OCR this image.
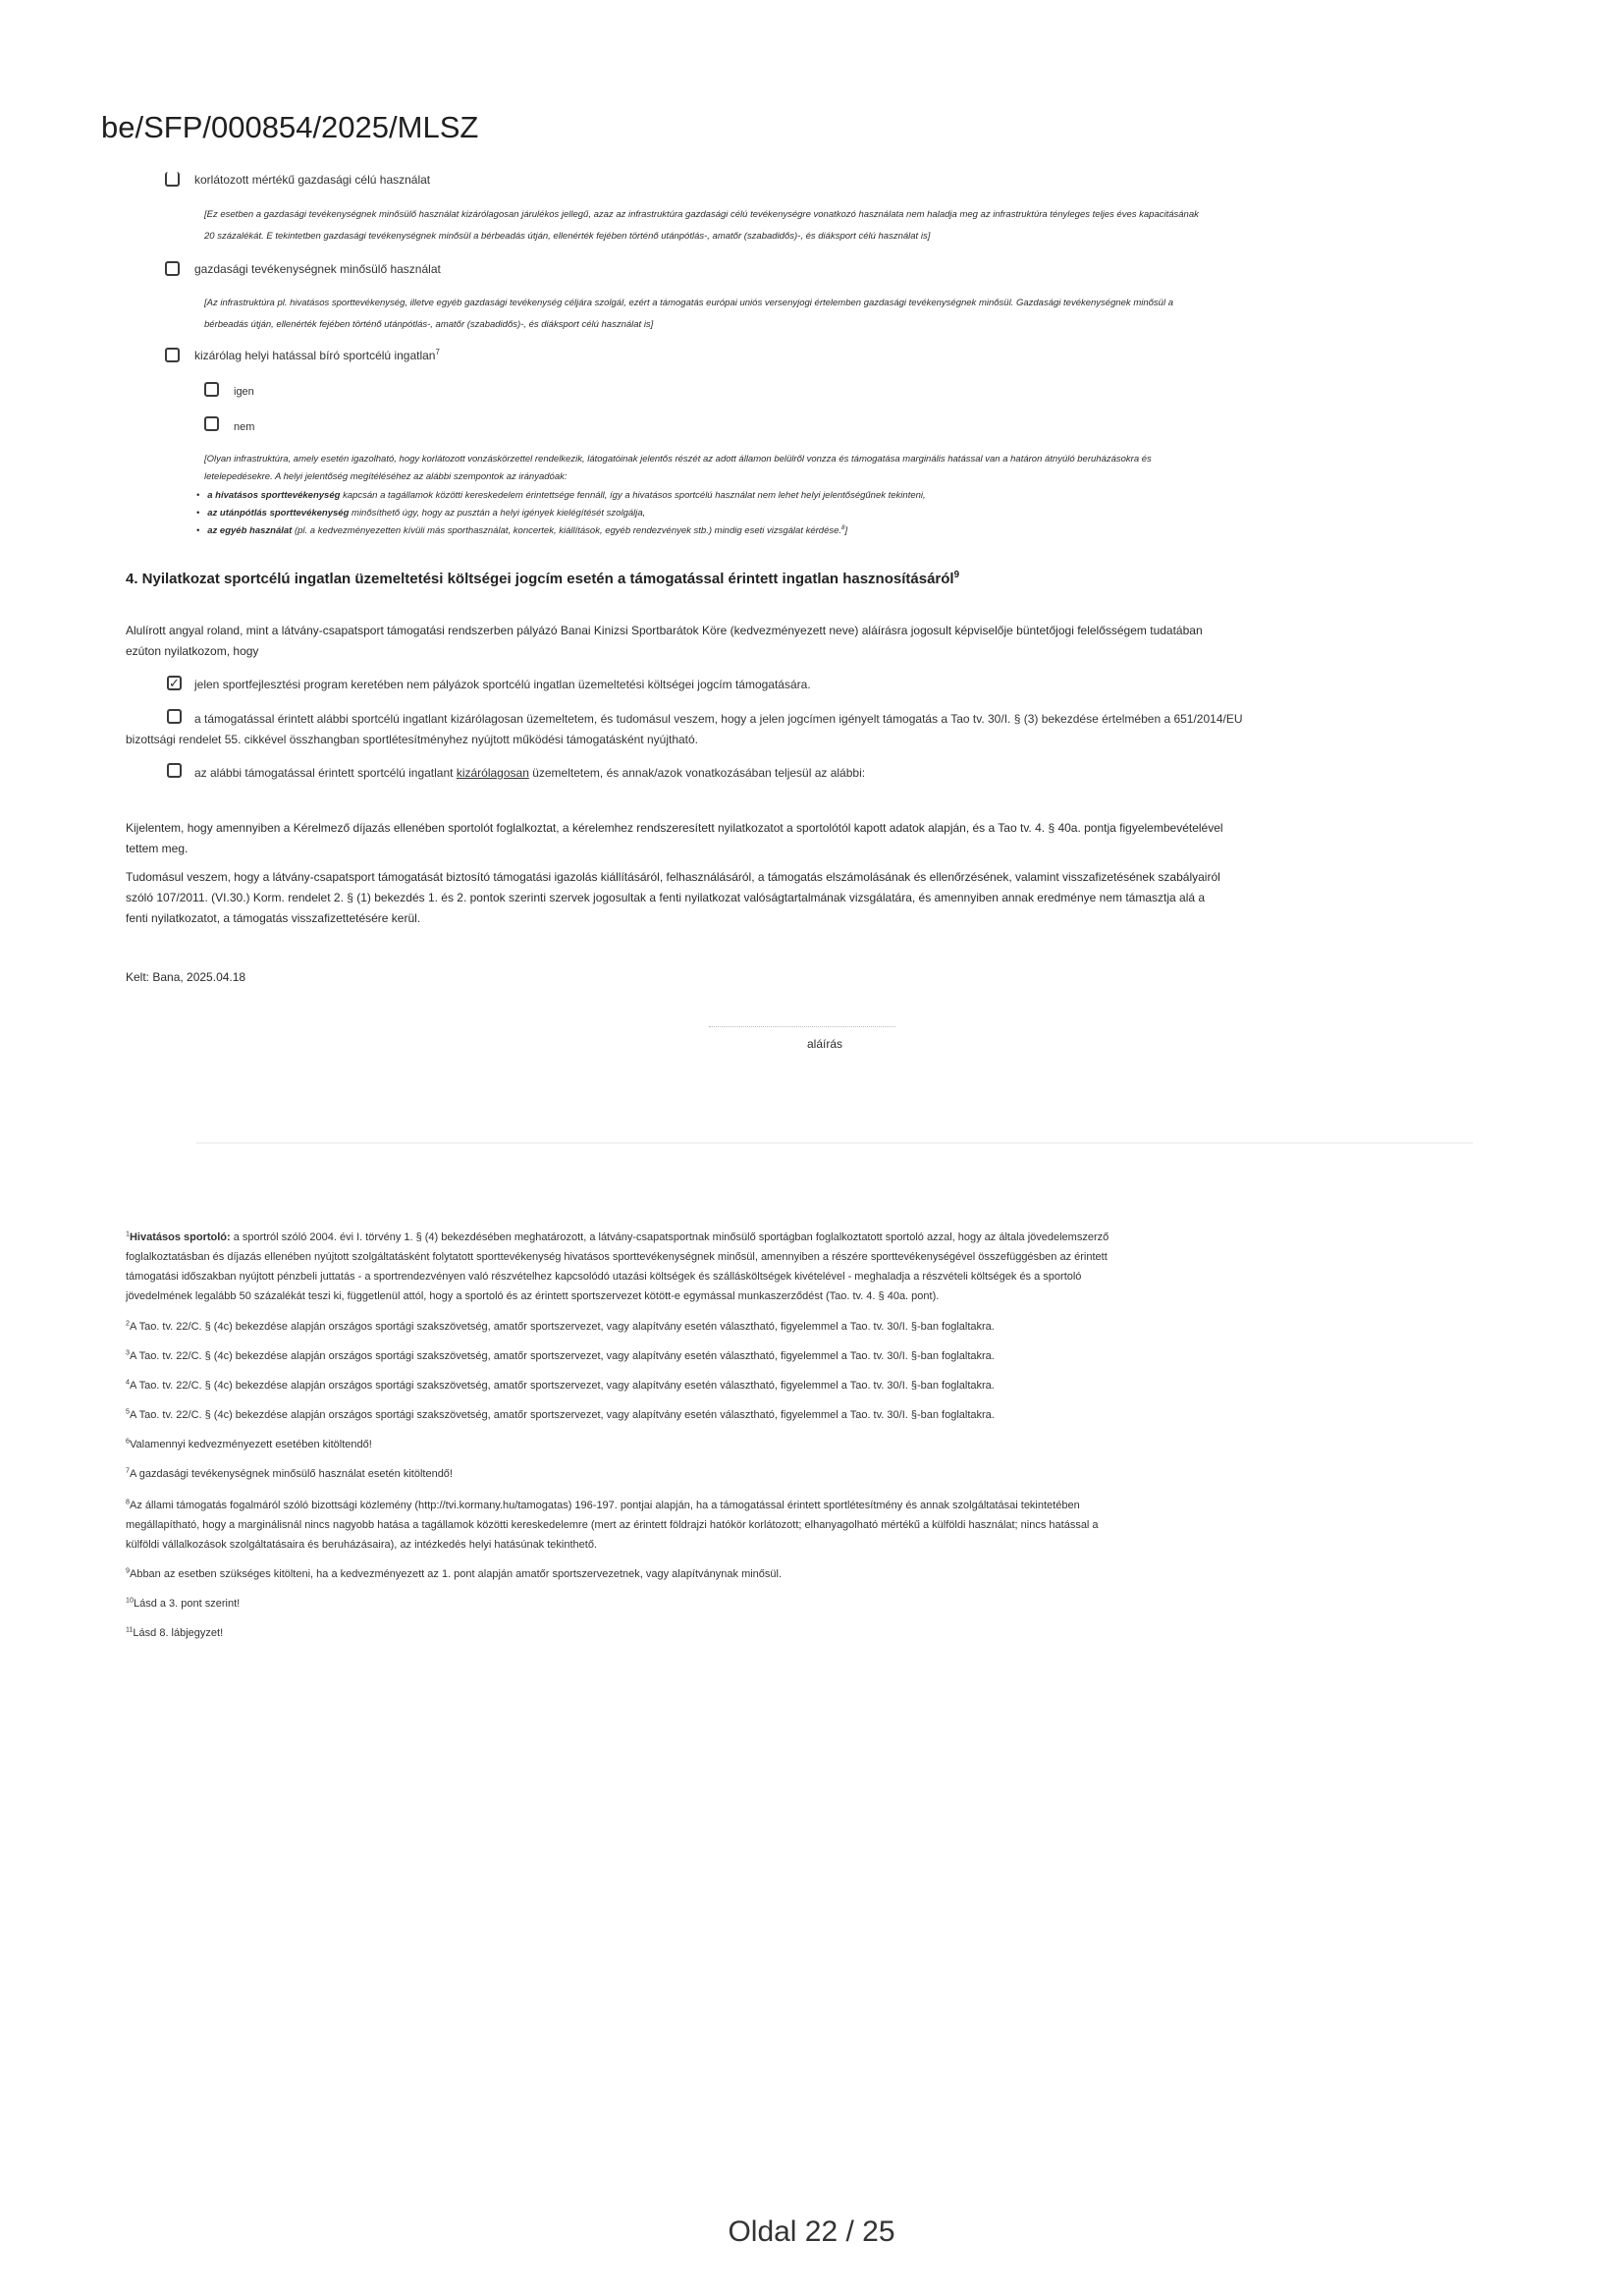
be/SFP/000854/2025/MLSZ
korlátozott mértékű gazdasági célú használat
[Ez esetben a gazdasági tevékenységnek minősülő használat kizárólagosan járulékos jellegű, azaz az infrastruktúra gazdasági célú tevékenységre vonatkozó használata nem haladja meg az infrastruktúra tényleges teljes éves kapacitásának
20 százalékát. E tekintetben gazdasági tevékenységnek minősül a bérbeadás útján, ellenérték fejében történő utánpótlás-, amatőr (szabadidős)-, és diáksport célú használat is]
gazdasági tevékenységnek minősülő használat
[Az infrastruktúra pl. hivatásos sporttevékenység, illetve egyéb gazdasági tevékenység céljára szolgál, ezért a támogatás európai uniós versenyjogi értelemben gazdasági tevékenységnek minősül. Gazdasági tevékenységnek minősül a
bérbeadás útján, ellenérték fejében történő utánpótlás-, amatőr (szabadidős)-, és diáksport célú használat is]
kizárólag helyi hatással bíró sportcélú ingatlan$^7$
igen
nem
[Olyan infrastruktúra, amely esetén igazolható, hogy korlátozott vonzáskörzettel rendelkezik, látogatóinak jelentős részét az adott államon belülről vonzza és támogatása marginális hatással van a határon átnyúló beruházásokra és
letelepedésekre. A helyi jelentőség megítéléséhez az alábbi szempontok az irányadóak:
•   a hivatásos sporttevékenység kapcsán a tagállamok közötti kereskedelem érintettsége fennáll, így a hivatásos sportcélú használat nem lehet helyi jelentőségűnek tekinteni,
•   az utánpótlás sporttevékenység minősíthető úgy, hogy az pusztán a helyi igények kielégítését szolgálja,
•   az egyéb használat (pl. a kedvezményezetten kívüli más sporthasználat, koncertek, kiállítások, egyéb rendezvények stb.) mindig eseti vizsgálat kérdése.$^8$]
4. Nyilatkozat sportcélú ingatlan üzemeltetési költségei jogcím esetén a támogatással érintett ingatlan hasznosításáról$^9$
Alulírott angyal roland, mint a látvány-csapatsport támogatási rendszerben pályázó Banai Kinizsi Sportbarátok Köre (kedvezményezett neve) aláírásra jogosult képviselője büntetőjogi felelősségem tudatában
ezúton nyilatkozom, hogy
✓ jelen sportfejlesztési program keretében nem pályázok sportcélú ingatlan üzemeltetési költségei jogcím támogatására.
a támogatással érintett alábbi sportcélú ingatlant kizárólagosan üzemeltetem, és tudomásul veszem, hogy a jelen jogcímen igényelt támogatás a Tao tv. 30/I. § (3) bekezdése értelmében a 651/2014/EU
bizottsági rendelet 55. cikkével összhangban sportlétesítményhez nyújtott működési támogatásként nyújtható.
az alábbi támogatással érintett sportcélú ingatlant kizárólagosan üzemeltetem, és annak/azok vonatkozásában teljesül az alábbi:
Kijelentem, hogy amennyiben a Kérelmező díjazás ellenében sportolót foglalkoztat, a kérelemhez rendszeresített nyilatkozatot a sportolótól kapott adatok alapján, és a Tao tv. 4. § 40a. pontja figyelembevételével
tettem meg.
Tudomásul veszem, hogy a látvány-csapatsport támogatását biztosító támogatási igazolás kiállításáról, felhasználásáról, a támogatás elszámolásának és ellenőrzésének, valamint visszafizetésének szabályairól
szóló 107/2011. (VI.30.) Korm. rendelet 2. § (1) bekezdés 1. és 2. pontok szerinti szervek jogosultak a fenti nyilatkozat valóságtartalmának vizsgálatára, és amennyiben annak eredménye nem támasztja alá a
fenti nyilatkozatot, a támogatás visszafizettetésére kerül.
Kelt: Bana, 2025.04.18
aláírás
$^1$Hivatásos sportoló: a sportról szóló 2004. évi I. törvény 1. § (4) bekezdésében meghatározott, a látvány-csapatsportnak minősülő sportágban foglalkoztatott sportoló azzal, hogy az általa jövedelemszerző
foglalkoztatásban és díjazás ellenében nyújtott szolgáltatásként folytatott sporttevékenység hivatásos sporttevékenységnek minősül, amennyiben a részére sporttevékenységével összefüggésben az érintett
támogatási időszakban nyújtott pénzbeli juttatás - a sportrendezvényen való részvételhez kapcsolódó utazási költségek és szállásköltségek kivételével - meghaladja a részvételi költségek és a sportoló
jövedelmének legalább 50 százalékát teszi ki, függetlenül attól, hogy a sportoló és az érintett sportszervezet kötött-e egymással munkaszerződést (Tao. tv. 4. § 40a. pont).
$^2$A Tao. tv. 22/C. § (4c) bekezdése alapján országos sportági szakszövetség, amatőr sportszervezet, vagy alapítvány esetén választható, figyelemmel a Tao. tv. 30/I. §-ban foglaltakra.
$^3$A Tao. tv. 22/C. § (4c) bekezdése alapján országos sportági szakszövetség, amatőr sportszervezet, vagy alapítvány esetén választható, figyelemmel a Tao. tv. 30/I. §-ban foglaltakra.
$^4$A Tao. tv. 22/C. § (4c) bekezdése alapján országos sportági szakszövetség, amatőr sportszervezet, vagy alapítvány esetén választható, figyelemmel a Tao. tv. 30/I. §-ban foglaltakra.
$^5$A Tao. tv. 22/C. § (4c) bekezdése alapján országos sportági szakszövetség, amatőr sportszervezet, vagy alapítvány esetén választható, figyelemmel a Tao. tv. 30/I. §-ban foglaltakra.
$^6$Valamennyi kedvezményezett esetében kitöltendő!
$^7$A gazdasági tevékenységnek minősülő használat esetén kitöltendő!
$^8$Az állami támogatás fogalmáról szóló bizottsági közlemény (http://tvi.kormany.hu/tamogatas) 196-197. pontjai alapján, ha a támogatással érintett sportlétesítmény és annak szolgáltatásai tekintetében
megállapítható, hogy a marginálisnál nincs nagyobb hatása a tagállamok közötti kereskedelemre (mert az érintett földrajzi hatókör korlátozott; elhanyagolható mértékű a külföldi használat; nincs hatással a
külföldi vállalkozások szolgáltatásaira és beruházásaira), az intézkedés helyi hatásúnak tekinthető.
$^9$Abban az esetben szükséges kitölteni, ha a kedvezményezett az 1. pont alapján amatőr sportszervezetnek, vagy alapítványnak minősül.
$^{10}$Lásd a 3. pont szerint!
$^{11}$Lásd 8. lábjegyzet!
Oldal 22 / 25
